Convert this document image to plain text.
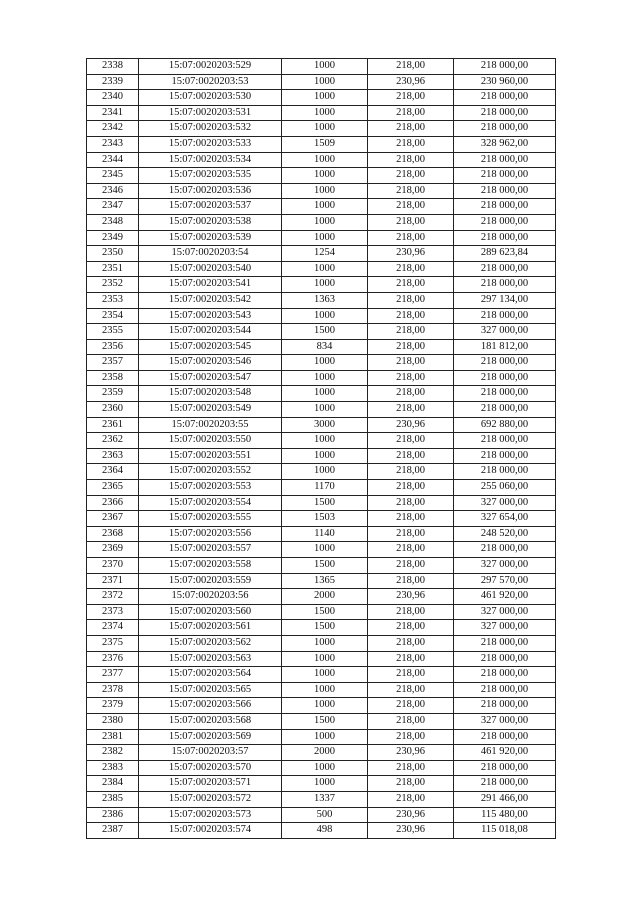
2338	15:07:0020203:529	1000	218,00	218 000,00
2339	15:07:0020203:53	1000	230,96	230 960,00
2340	15:07:0020203:530	1000	218,00	218 000,00
2341	15:07:0020203:531	1000	218,00	218 000,00
2342	15:07:0020203:532	1000	218,00	218 000,00
2343	15:07:0020203:533	1509	218,00	328 962,00
2344	15:07:0020203:534	1000	218,00	218 000,00
2345	15:07:0020203:535	1000	218,00	218 000,00
2346	15:07:0020203:536	1000	218,00	218 000,00
2347	15:07:0020203:537	1000	218,00	218 000,00
2348	15:07:0020203:538	1000	218,00	218 000,00
2349	15:07:0020203:539	1000	218,00	218 000,00
2350	15:07:0020203:54	1254	230,96	289 623,84
2351	15:07:0020203:540	1000	218,00	218 000,00
2352	15:07:0020203:541	1000	218,00	218 000,00
2353	15:07:0020203:542	1363	218,00	297 134,00
2354	15:07:0020203:543	1000	218,00	218 000,00
2355	15:07:0020203:544	1500	218,00	327 000,00
2356	15:07:0020203:545	834	218,00	181 812,00
2357	15:07:0020203:546	1000	218,00	218 000,00
2358	15:07:0020203:547	1000	218,00	218 000,00
2359	15:07:0020203:548	1000	218,00	218 000,00
2360	15:07:0020203:549	1000	218,00	218 000,00
2361	15:07:0020203:55	3000	230,96	692 880,00
2362	15:07:0020203:550	1000	218,00	218 000,00
2363	15:07:0020203:551	1000	218,00	218 000,00
2364	15:07:0020203:552	1000	218,00	218 000,00
2365	15:07:0020203:553	1170	218,00	255 060,00
2366	15:07:0020203:554	1500	218,00	327 000,00
2367	15:07:0020203:555	1503	218,00	327 654,00
2368	15:07:0020203:556	1140	218,00	248 520,00
2369	15:07:0020203:557	1000	218,00	218 000,00
2370	15:07:0020203:558	1500	218,00	327 000,00
2371	15:07:0020203:559	1365	218,00	297 570,00
2372	15:07:0020203:56	2000	230,96	461 920,00
2373	15:07:0020203:560	1500	218,00	327 000,00
2374	15:07:0020203:561	1500	218,00	327 000,00
2375	15:07:0020203:562	1000	218,00	218 000,00
2376	15:07:0020203:563	1000	218,00	218 000,00
2377	15:07:0020203:564	1000	218,00	218 000,00
2378	15:07:0020203:565	1000	218,00	218 000,00
2379	15:07:0020203:566	1000	218,00	218 000,00
2380	15:07:0020203:568	1500	218,00	327 000,00
2381	15:07:0020203:569	1000	218,00	218 000,00
2382	15:07:0020203:57	2000	230,96	461 920,00
2383	15:07:0020203:570	1000	218,00	218 000,00
2384	15:07:0020203:571	1000	218,00	218 000,00
2385	15:07:0020203:572	1337	218,00	291 466,00
2386	15:07:0020203:573	500	230,96	115 480,00
2387	15:07:0020203:574	498	230,96	115 018,08
